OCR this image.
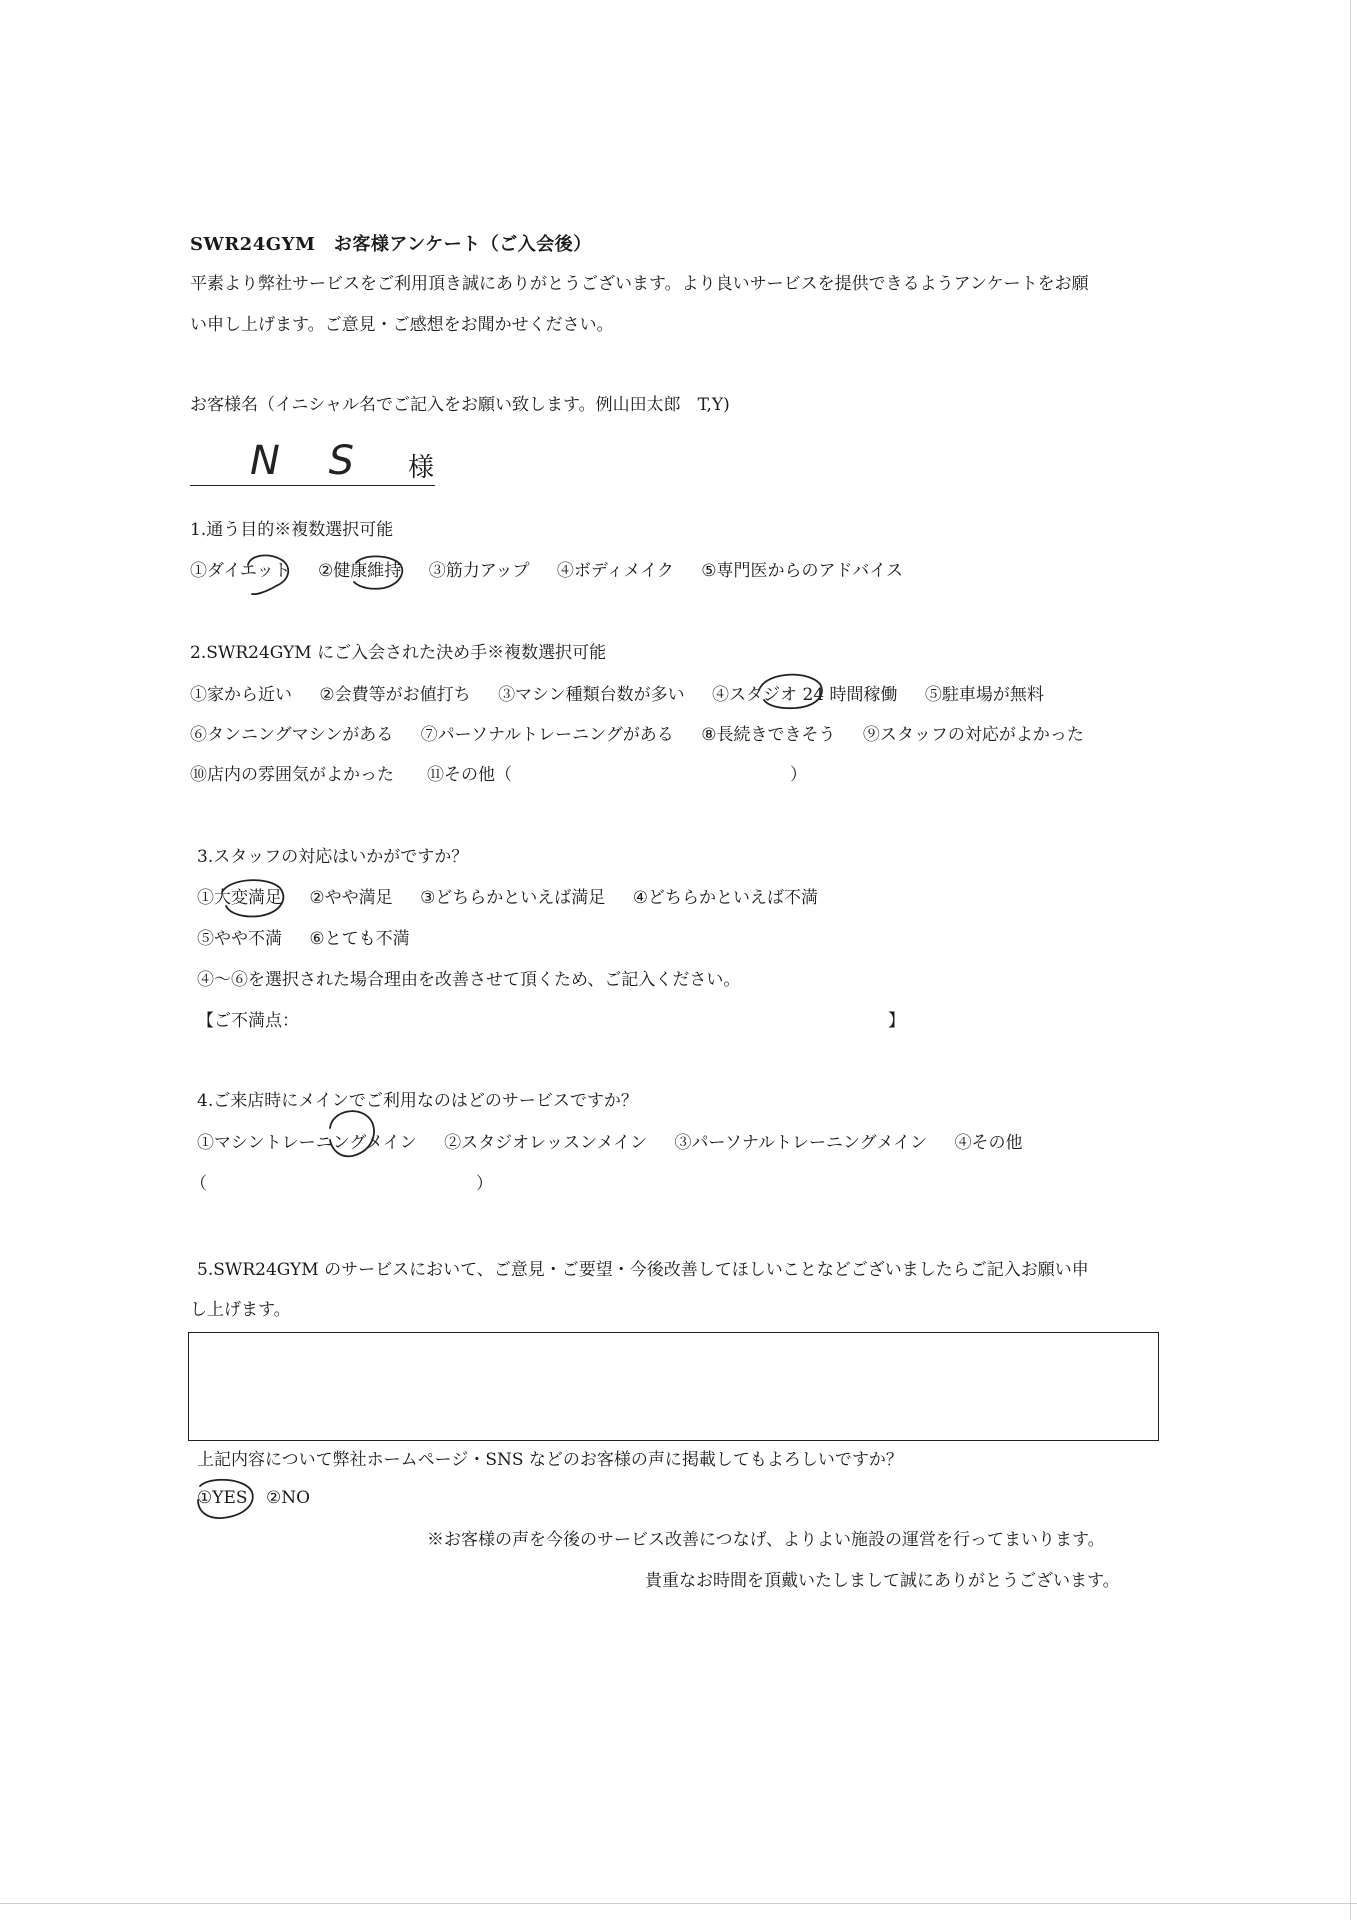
SWR24GYM　お客様アンケート（ご入会後）
平素より弊社サービスをご利用頂き誠にありがとうございます。より良いサービスを提供できるようアンケートをお願
い申し上げます。ご意見・ご感想をお聞かせください。
お客様名（イニシャル名でご記入をお願い致します。例山田太郎　T,Y)
N S 様
1.通う目的※複数選択可能
①ダイエット ②健康維持 ③筋力アップ ④ボディメイク ⑤専門医からのアドバイス
2.SWR24GYM にご入会された決め手※複数選択可能
①家から近い ②会費等がお値打ち ③マシン種類台数が多い ④スタジオ 24 時間稼働 ⑤駐車場が無料
⑥タンニングマシンがある ⑦パーソナルトレーニングがある ⑧長続きできそう ⑨スタッフの対応がよかった
⑩店内の雰囲気がよかった ⑪その他（	）
3.スタッフの対応はいかがですか？
①大変満足 ②やや満足 ③どちらかといえば満足 ④どちらかといえば不満
⑤やや不満 ⑥とても不満
④～⑥を選択された場合理由を改善させて頂くため、ご記入ください。
【ご不満点：	】
4.ご来店時にメインでご利用なのはどのサービスですか？
①マシントレーニングメイン ②スタジオレッスンメイン ③パーソナルトレーニングメイン ④その他
（	）
5.SWR24GYM のサービスにおいて、ご意見・ご要望・今後改善してほしいことなどございましたらご記入お願い申
し上げます。
上記内容について弊社ホームページ・SNS などのお客様の声に掲載してもよろしいですか？
①YES ②NO
※お客様の声を今後のサービス改善につなげ、よりよい施設の運営を行ってまいります。
貴重なお時間を頂戴いたしまして誠にありがとうございます。
